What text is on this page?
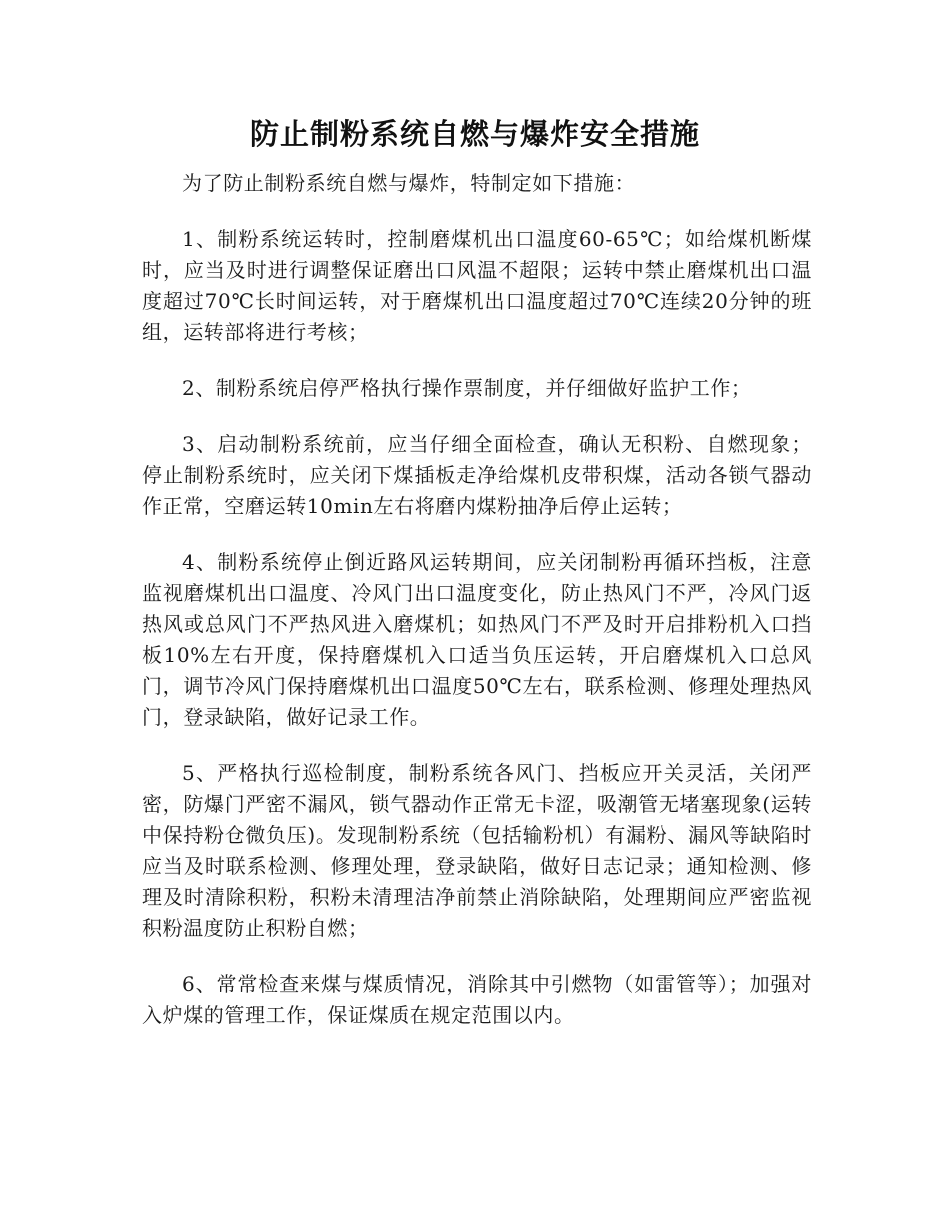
防止制粉系统自燃与爆炸安全措施

为了防止制粉系统自燃与爆炸，特制定如下措施：

1、制粉系统运转时，控制磨煤机出口温度60-65℃；如给煤机断煤时，应当及时进行调整保证磨出口风温不超限；运转中禁止磨煤机出口温度超过70℃长时间运转，对于磨煤机出口温度超过70℃连续20分钟的班组，运转部将进行考核；

2、制粉系统启停严格执行操作票制度，并仔细做好监护工作；

3、启动制粉系统前，应当仔细全面检查，确认无积粉、自燃现象；停止制粉系统时，应关闭下煤插板走净给煤机皮带积煤，活动各锁气器动作正常，空磨运转10min左右将磨内煤粉抽净后停止运转；

4、制粉系统停止倒近路风运转期间，应关闭制粉再循环挡板，注意监视磨煤机出口温度、冷风门出口温度变化，防止热风门不严，冷风门返热风或总风门不严热风进入磨煤机；如热风门不严及时开启排粉机入口挡板10%左右开度，保持磨煤机入口适当负压运转，开启磨煤机入口总风门，调节冷风门保持磨煤机出口温度50℃左右，联系检测、修理处理热风门，登录缺陷，做好记录工作。

5、严格执行巡检制度，制粉系统各风门、挡板应开关灵活，关闭严密，防爆门严密不漏风，锁气器动作正常无卡涩，吸潮管无堵塞现象(运转中保持粉仓微负压)。发现制粉系统（包括输粉机）有漏粉、漏风等缺陷时应当及时联系检测、修理处理，登录缺陷，做好日志记录；通知检测、修理及时清除积粉，积粉未清理洁净前禁止消除缺陷，处理期间应严密监视积粉温度防止积粉自燃；

6、常常检查来煤与煤质情况，消除其中引燃物（如雷管等）；加强对入炉煤的管理工作，保证煤质在规定范围以内。
